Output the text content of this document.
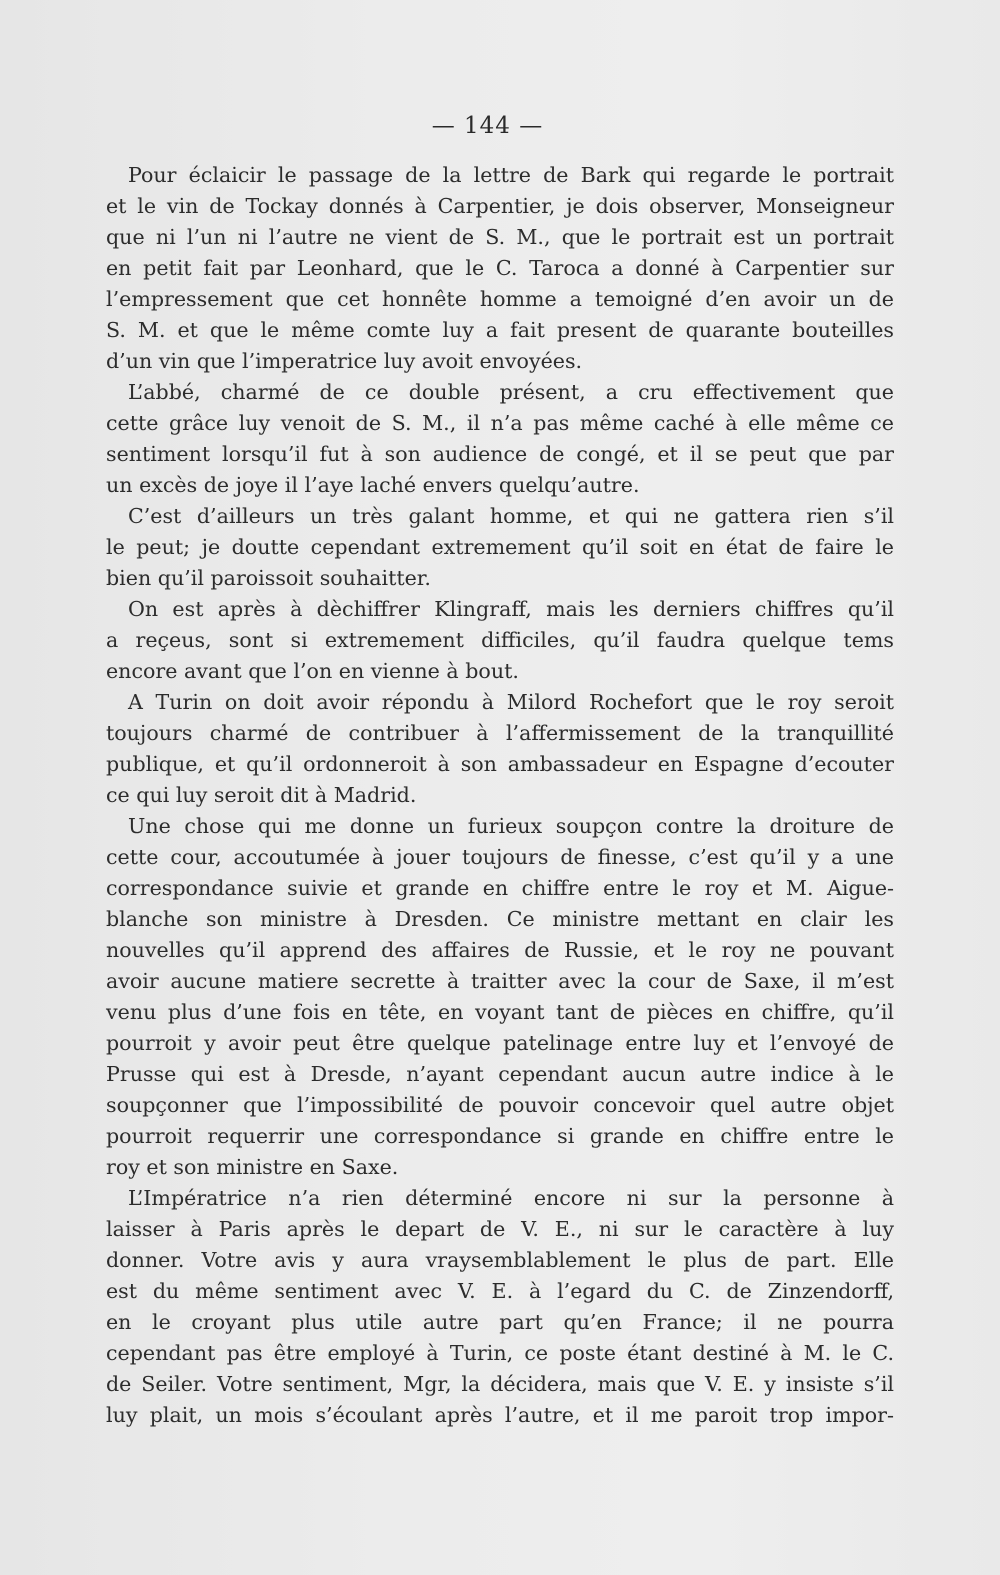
— 144 —
Pour éclaicir le passage de la lettre de Bark qui regarde le portrait
et le vin de Tockay donnés à Carpentier, je dois observer, Monseigneur
que ni l’un ni l’autre ne vient de S. M., que le portrait est un portrait
en petit fait par Leonhard, que le C. Taroca a donné à Carpentier sur
l’empressement que cet honnête homme a temoigné d’en avoir un de
S. M. et que le même comte luy a fait present de quarante bouteilles
d’un vin que l’imperatrice luy avoit envoyées.
L’abbé, charmé de ce double présent, a cru effectivement que
cette grâce luy venoit de S. M., il n’a pas même caché à elle même ce
sentiment lorsqu’il fut à son audience de congé, et il se peut que par
un excès de joye il l’aye laché envers quelqu’autre.
C’est d’ailleurs un très galant homme, et qui ne gattera rien s’il
le peut; je doutte cependant extremement qu’il soit en état de faire le
bien qu’il paroissoit souhaitter.
On est après à dèchiffrer Klingraff, mais les derniers chiffres qu’il
a reçeus, sont si extremement difficiles, qu’il faudra quelque tems
encore avant que l’on en vienne à bout.
A Turin on doit avoir répondu à Milord Rochefort que le roy seroit
toujours charmé de contribuer à l’affermissement de la tranquillité
publique, et qu’il ordonneroit à son ambassadeur en Espagne d’ecouter
ce qui luy seroit dit à Madrid.
Une chose qui me donne un furieux soupçon contre la droiture de
cette cour, accoutumée à jouer toujours de finesse, c’est qu’il y a une
correspondance suivie et grande en chiffre entre le roy et M. Aigue-
blanche son ministre à Dresden. Ce ministre mettant en clair les
nouvelles qu’il apprend des affaires de Russie, et le roy ne pouvant
avoir aucune matiere secrette à traitter avec la cour de Saxe, il m’est
venu plus d’une fois en tête, en voyant tant de pièces en chiffre, qu’il
pourroit y avoir peut être quelque patelinage entre luy et l’envoyé de
Prusse qui est à Dresde, n’ayant cependant aucun autre indice à le
soupçonner que l’impossibilité de pouvoir concevoir quel autre objet
pourroit requerrir une correspondance si grande en chiffre entre le
roy et son ministre en Saxe.
L’Impératrice n’a rien déterminé encore ni sur la personne à
laisser à Paris après le depart de V. E., ni sur le caractère à luy
donner. Votre avis y aura vraysemblablement le plus de part. Elle
est du même sentiment avec V. E. à l’egard du C. de Zinzendorff,
en le croyant plus utile autre part qu’en France; il ne pourra
cependant pas être employé à Turin, ce poste étant destiné à M. le C.
de Seiler. Votre sentiment, Mgr, la décidera, mais que V. E. y insiste s’il
luy plait, un mois s’écoulant après l’autre, et il me paroit trop impor-
